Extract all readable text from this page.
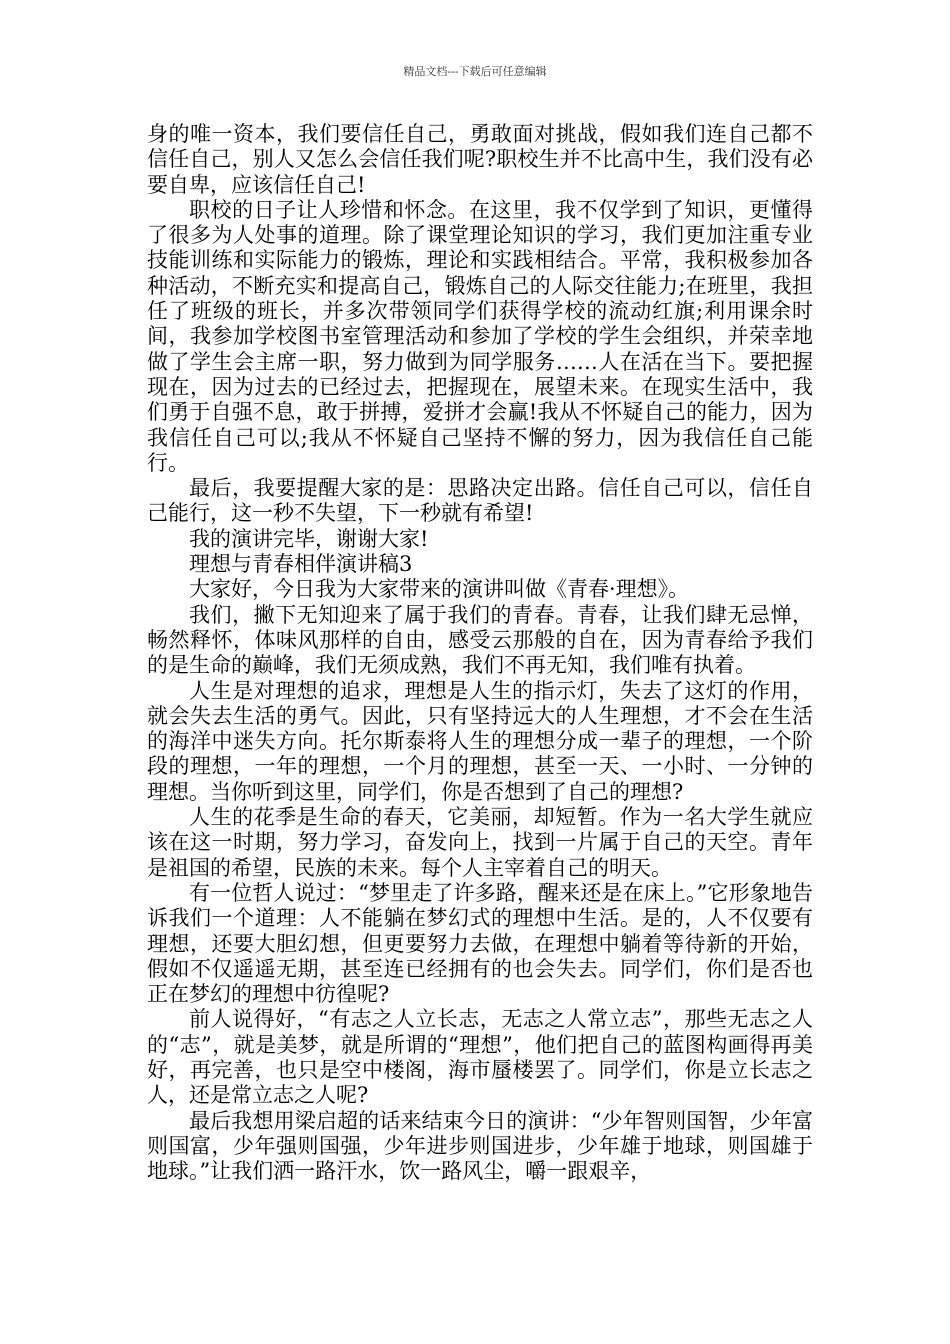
精品文档---下载后可任意编辑

身的唯一资本，我们要信任自己，勇敢面对挑战，假如我们连自己都不信任自己，别人又怎么会信任我们呢?职校生并不比高中生，我们没有必要自卑，应该信任自己!

职校的日子让人珍惜和怀念。在这里，我不仅学到了知识，更懂得了很多为人处事的道理。除了课堂理论知识的学习，我们更加注重专业技能训练和实际能力的锻炼，理论和实践相结合。平常，我积极参加各种活动，不断充实和提高自己，锻炼自己的人际交往能力;在班里，我担任了班级的班长，并多次带领同学们获得学校的流动红旗;利用课余时间，我参加学校图书室管理活动和参加了学校的学生会组织，并荣幸地做了学生会主席一职，努力做到为同学服务……人在活在当下。要把握现在，因为过去的已经过去，把握现在，展望未来。在现实生活中，我们勇于自强不息，敢于拼搏，爱拼才会赢!我从不怀疑自己的能力，因为我信任自己可以;我从不怀疑自己坚持不懈的努力，因为我信任自己能行。

最后，我要提醒大家的是：思路决定出路。信任自己可以，信任自己能行，这一秒不失望，下一秒就有希望!

我的演讲完毕，谢谢大家!

理想与青春相伴演讲稿3

大家好，今日我为大家带来的演讲叫做《青春·理想》。

我们，撇下无知迎来了属于我们的青春。青春，让我们肆无忌惮，畅然释怀，体味风那样的自由，感受云那般的自在，因为青春给予我们的是生命的巅峰，我们无须成熟，我们不再无知，我们唯有执着。

人生是对理想的追求，理想是人生的指示灯，失去了这灯的作用，就会失去生活的勇气。因此，只有坚持远大的人生理想，才不会在生活的海洋中迷失方向。托尔斯泰将人生的理想分成一辈子的理想，一个阶段的理想，一年的理想，一个月的理想，甚至一天、一小时、一分钟的理想。当你听到这里，同学们，你是否想到了自己的理想?

人生的花季是生命的春天，它美丽，却短暂。作为一名大学生就应该在这一时期，努力学习，奋发向上，找到一片属于自己的天空。青年是祖国的希望，民族的未来。每个人主宰着自己的明天。

有一位哲人说过：“梦里走了许多路，醒来还是在床上。”它形象地告诉我们一个道理：人不能躺在梦幻式的理想中生活。是的，人不仅要有理想，还要大胆幻想，但更要努力去做，在理想中躺着等待新的开始，假如不仅遥遥无期，甚至连已经拥有的也会失去。同学们，你们是否也正在梦幻的理想中彷徨呢?

前人说得好，“有志之人立长志，无志之人常立志”，那些无志之人的“志”，就是美梦，就是所谓的“理想”，他们把自己的蓝图构画得再美好，再完善，也只是空中楼阁，海市蜃楼罢了。同学们，你是立长志之人，还是常立志之人呢?

最后我想用梁启超的话来结束今日的演讲：“少年智则国智，少年富则国富，少年强则国强，少年进步则国进步，少年雄于地球，则国雄于地球。”让我们洒一路汗水，饮一路风尘，嚼一跟艰辛，
